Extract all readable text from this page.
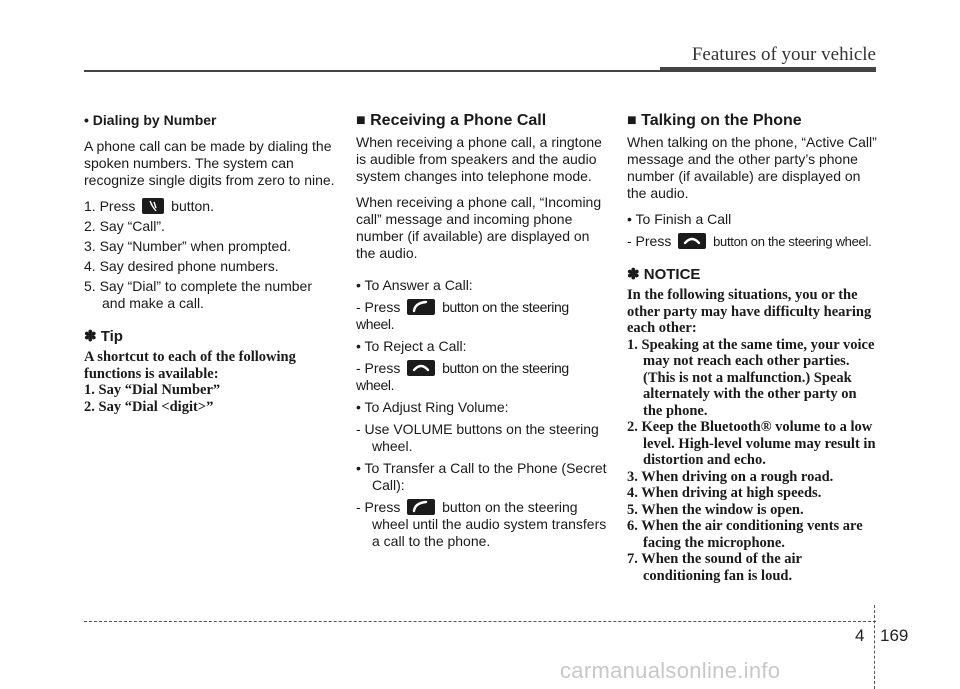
Features of your vehicle

• Dialing by Number

A phone call can be made by dialing the spoken numbers. The system can recognize single digits from zero to nine.

1. Press	button.
2. Say “Call”.
3. Say “Number” when prompted.
4. Say desired phone numbers.
5. Say “Dial” to complete the number and make a call.
✽ Tip
A shortcut to each of the following functions is available:
1. Say “Dial Number”
2. Say “Dial <digit>”
■ Receiving a Phone Call

When receiving a phone call, a ringtone is audible from speakers and the audio system changes into telephone mode.

When receiving a phone call, “Incoming call” message and incoming phone number (if available) are displayed on the audio.

• To Answer a Call:
- Press	button on the steering wheel.
• To Reject a Call:
- Press	button on the steering wheel.
• To Adjust Ring Volume:
- Use VOLUME buttons on the steering wheel.
• To Transfer a Call to the Phone (Secret Call):
- Press	button on the steering wheel until the audio system transfers a call to the phone.
■ Talking on the Phone

When talking on the phone, “Active Call” message and the other party’s phone number (if available) are displayed on the audio.

• To Finish a Call
- Press	button on the steering wheel.
✽ NOTICE
In the following situations, you or the other party may have difficulty hearing each other:
1. Speaking at the same time, your voice may not reach each other parties. (This is not a malfunction.) Speak alternately with the other party on the phone.
2. Keep the Bluetooth® volume to a low level. High-level volume may result in distortion and echo.
3. When driving on a rough road.
4. When driving at high speeds.
5. When the window is open.
6. When the air conditioning vents are facing the microphone.
7. When the sound of the air conditioning fan is loud.
4 169
carmanualsonline.info
